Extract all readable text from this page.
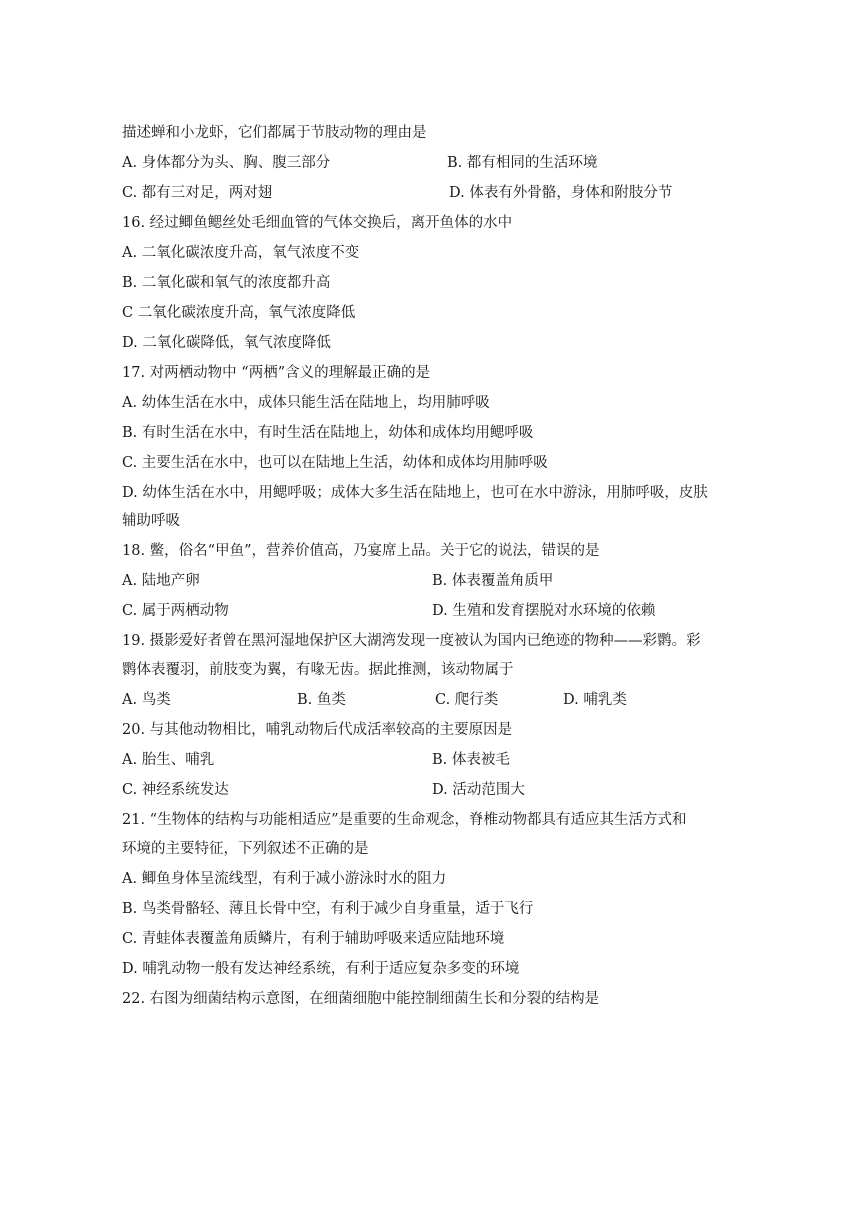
描述蝉和小龙虾，它们都属于节肢动物的理由是
A. 身体都分为头、胸、腹三部分	B. 都有相同的生活环境
C. 都有三对足，两对翅	D. 体表有外骨骼，身体和附肢分节
16. 经过鲫鱼鳃丝处毛细血管的气体交换后，离开鱼体的水中
A. 二氧化碳浓度升高，氧气浓度不变
B. 二氧化碳和氧气的浓度都升高
C 二氧化碳浓度升高，氧气浓度降低
D. 二氧化碳降低，氧气浓度降低
17. 对两栖动物中 “两栖”含义的理解最正确的是
A. 幼体生活在水中，成体只能生活在陆地上，均用肺呼吸
B. 有时生活在水中，有时生活在陆地上，幼体和成体均用鳃呼吸
C. 主要生活在水中，也可以在陆地上生活，幼体和成体均用肺呼吸
D. 幼体生活在水中，用鳃呼吸；成体大多生活在陆地上，也可在水中游泳，用肺呼吸，皮肤
辅助呼吸
18. 鳖，俗名“甲鱼”，营养价值高，乃宴席上品。关于它的说法，错误的是
A. 陆地产卵	B. 体表覆盖角质甲
C. 属于两栖动物	D. 生殖和发育摆脱对水环境的依赖
19. 摄影爱好者曾在黑河湿地保护区大湖湾发现一度被认为国内已绝迹的物种——彩鹮。彩
鹮体表覆羽，前肢变为翼，有喙无齿。据此推测，该动物属于
A. 鸟类	B. 鱼类	C. 爬行类	D. 哺乳类
20. 与其他动物相比，哺乳动物后代成活率较高的主要原因是
A. 胎生、哺乳	B. 体表被毛
C. 神经系统发达	D. 活动范围大
21. “生物体的结构与功能相适应”是重要的生命观念，脊椎动物都具有适应其生活方式和
环境的主要特征，下列叙述不正确的是
A. 鲫鱼身体呈流线型，有利于减小游泳时水的阻力
B. 鸟类骨骼轻、薄且长骨中空，有利于减少自身重量，适于飞行
C. 青蛙体表覆盖角质鳞片，有利于辅助呼吸来适应陆地环境
D. 哺乳动物一般有发达神经系统，有利于适应复杂多变的环境
22. 右图为细菌结构示意图，在细菌细胞中能控制细菌生长和分裂的结构是
